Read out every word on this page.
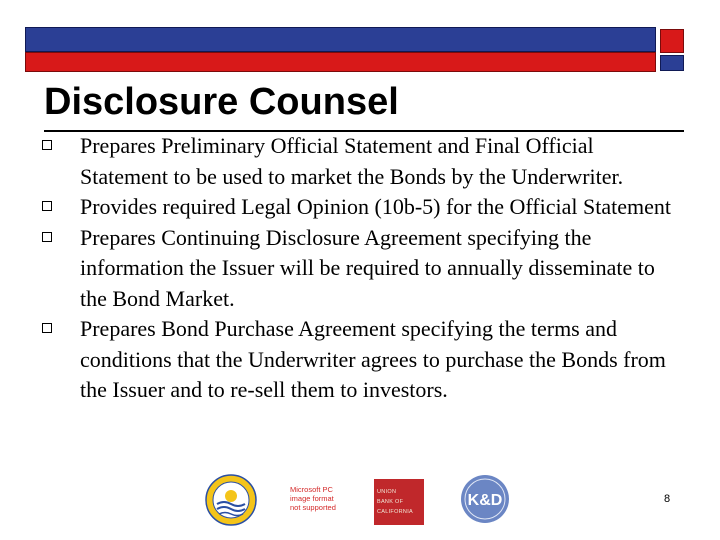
Disclosure Counsel
Prepares Preliminary Official Statement and Final Official Statement to be used to market the Bonds by the Underwriter.
Provides required Legal Opinion (10b-5) for the Official Statement
Prepares Continuing Disclosure Agreement specifying the information the Issuer will be required to annually disseminate to the Bond Market.
Prepares Bond Purchase Agreement specifying the terms and conditions that the Underwriter agrees to purchase the Bonds from the Issuer and to re-sell them to investors.
Microsoft PC
image format
not supported
UNION
BANK OF
CALIFORNIA
K&D	8
